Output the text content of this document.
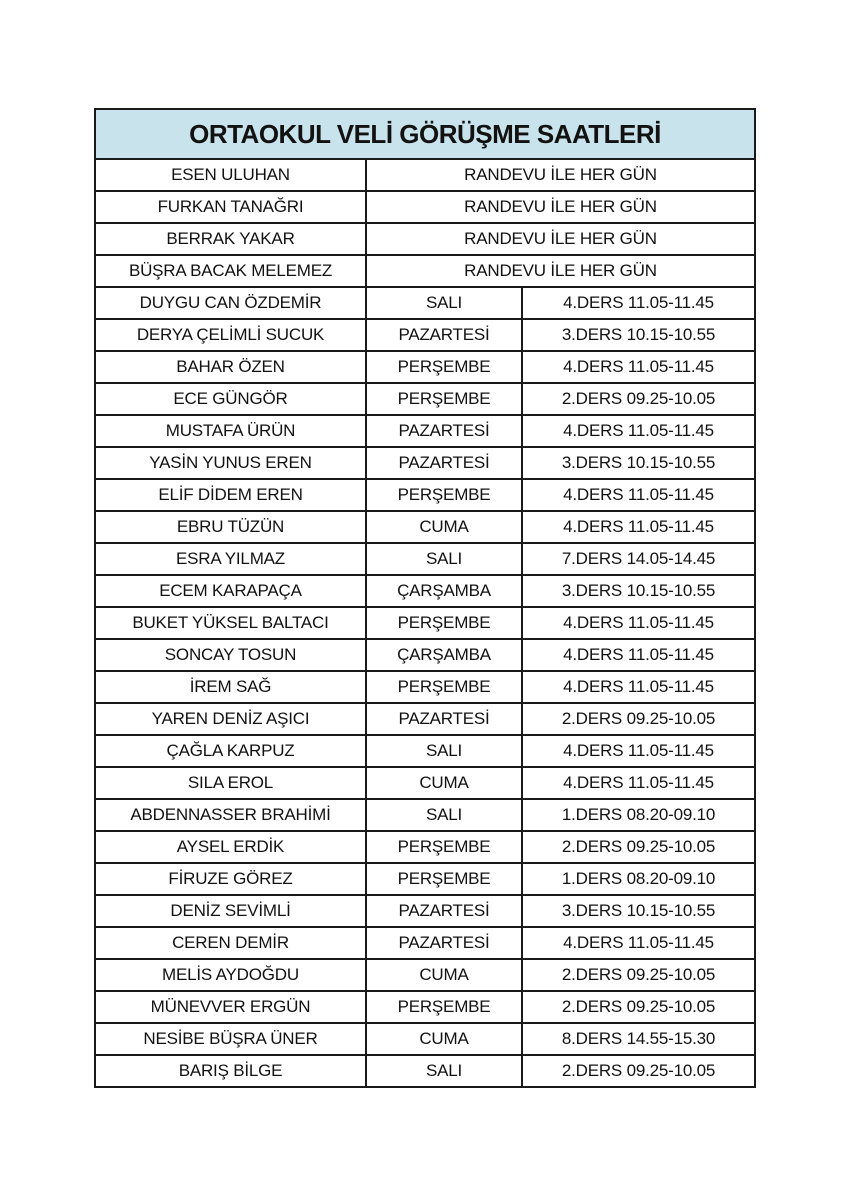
ORTAOKUL VELİ GÖRÜŞME SAATLERİ		
ESEN ULUHAN	RANDEVU İLE HER GÜN	
FURKAN TANAĞRI	RANDEVU İLE HER GÜN	
BERRAK YAKAR	RANDEVU İLE HER GÜN	
BÜŞRA BACAK MELEMEZ	RANDEVU İLE HER GÜN	
DUYGU CAN ÖZDEMİR	SALI	4.DERS 11.05-11.45
DERYA ÇELİMLİ SUCUK	PAZARTESİ	3.DERS 10.15-10.55
BAHAR ÖZEN	PERŞEMBE	4.DERS 11.05-11.45
ECE GÜNGÖR	PERŞEMBE	2.DERS 09.25-10.05
MUSTAFA ÜRÜN	PAZARTESİ	4.DERS 11.05-11.45
YASİN YUNUS EREN	PAZARTESİ	3.DERS 10.15-10.55
ELİF DİDEM EREN	PERŞEMBE	4.DERS 11.05-11.45
EBRU TÜZÜN	CUMA	4.DERS 11.05-11.45
ESRA YILMAZ	SALI	7.DERS 14.05-14.45
ECEM KARAPAÇA	ÇARŞAMBA	3.DERS 10.15-10.55
BUKET YÜKSEL BALTACI	PERŞEMBE	4.DERS 11.05-11.45
SONCAY TOSUN	ÇARŞAMBA	4.DERS 11.05-11.45
İREM SAĞ	PERŞEMBE	4.DERS 11.05-11.45
YAREN DENİZ AŞICI	PAZARTESİ	2.DERS 09.25-10.05
ÇAĞLA KARPUZ	SALI	4.DERS 11.05-11.45
SILA EROL	CUMA	4.DERS 11.05-11.45
ABDENNASSER BRAHİMİ	SALI	1.DERS 08.20-09.10
AYSEL ERDİK	PERŞEMBE	2.DERS 09.25-10.05
FİRUZE GÖREZ	PERŞEMBE	1.DERS 08.20-09.10
DENİZ SEVİMLİ	PAZARTESİ	3.DERS 10.15-10.55
CEREN DEMİR	PAZARTESİ	4.DERS 11.05-11.45
MELİS AYDOĞDU	CUMA	2.DERS 09.25-10.05
MÜNEVVER ERGÜN	PERŞEMBE	2.DERS 09.25-10.05
NESİBE BÜŞRA ÜNER	CUMA	8.DERS 14.55-15.30
BARIŞ BİLGE	SALI	2.DERS 09.25-10.05
